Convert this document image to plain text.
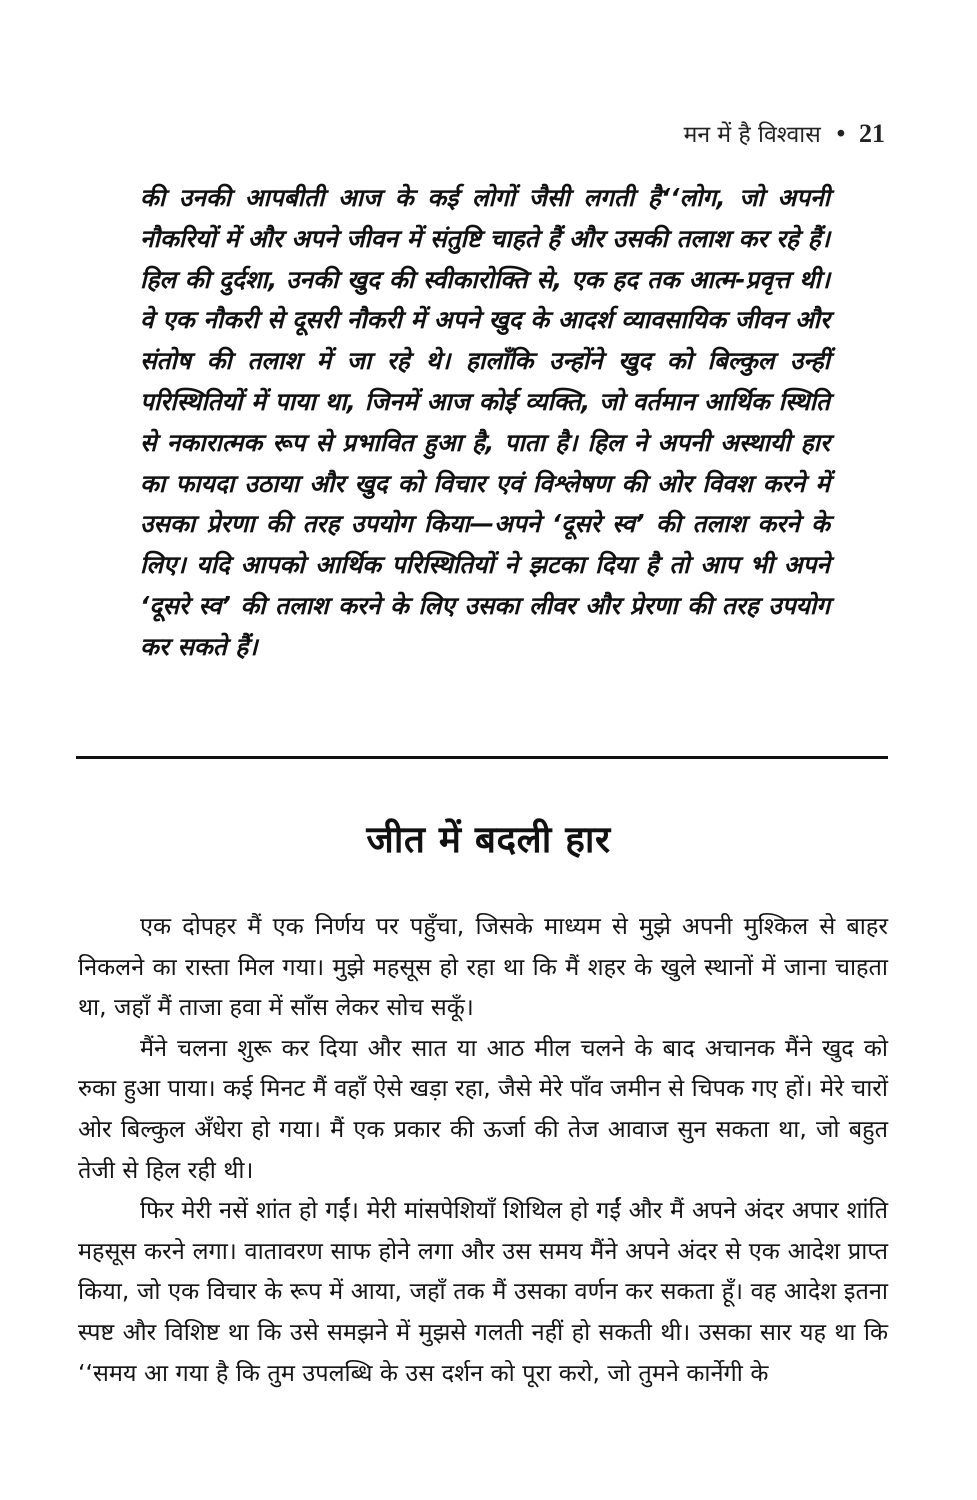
मन में है विश्वास • 21
की उनकी आपबीती आज के कई लोगों जैसी लगती है‘‘लोग, जो अपनी नौकरियों में और अपने जीवन में संतुष्टि चाहते हैं और उसकी तलाश कर रहे हैं। हिल की दुर्दशा, उनकी खुद की स्वीकारोक्ति से, एक हद तक आत्म-प्रवृत्त थी। वे एक नौकरी से दूसरी नौकरी में अपने खुद के आदर्श व्यावसायिक जीवन और संतोष की तलाश में जा रहे थे। हालाँकि उन्होंने खुद को बिल्कुल उन्हीं परिस्थितियों में पाया था, जिनमें आज कोई व्यक्ति, जो वर्तमान आर्थिक स्थिति से नकारात्मक रूप से प्रभावित हुआ है, पाता है। हिल ने अपनी अस्थायी हार का फायदा उठाया और खुद को विचार एवं विश्लेषण की ओर विवश करने में उसका प्रेरणा की तरह उपयोग किया—अपने ‘दूसरे स्व’ की तलाश करने के लिए। यदि आपको आर्थिक परिस्थितियों ने झटका दिया है तो आप भी अपने ‘दूसरे स्व’ की तलाश करने के लिए उसका लीवर और प्रेरणा की तरह उपयोग कर सकते हैं।
जीत में बदली हार

एक दोपहर मैं एक निर्णय पर पहुँचा, जिसके माध्यम से मुझे अपनी मुश्किल से बाहर निकलने का रास्ता मिल गया। मुझे महसूस हो रहा था कि मैं शहर के खुले स्थानों में जाना चाहता था, जहाँ मैं ताजा हवा में साँस लेकर सोच सकूँ।

मैंने चलना शुरू कर दिया और सात या आठ मील चलने के बाद अचानक मैंने खुद को रुका हुआ पाया। कई मिनट मैं वहाँ ऐसे खड़ा रहा, जैसे मेरे पाँव जमीन से चिपक गए हों। मेरे चारों ओर बिल्कुल अँधेरा हो गया। मैं एक प्रकार की ऊर्जा की तेज आवाज सुन सकता था, जो बहुत तेजी से हिल रही थी।

फिर मेरी नसें शांत हो गईं। मेरी मांसपेशियाँ शिथिल हो गईं और मैं अपने अंदर अपार शांति महसूस करने लगा। वातावरण साफ होने लगा और उस समय मैंने अपने अंदर से एक आदेश प्राप्त किया, जो एक विचार के रूप में आया, जहाँ तक मैं उसका वर्णन कर सकता हूँ। वह आदेश इतना स्पष्ट और विशिष्ट था कि उसे समझने में मुझसे गलती नहीं हो सकती थी। उसका सार यह था कि ‘‘समय आ गया है कि तुम उपलब्धि के उस दर्शन को पूरा करो, जो तुमने कार्नेगी के
